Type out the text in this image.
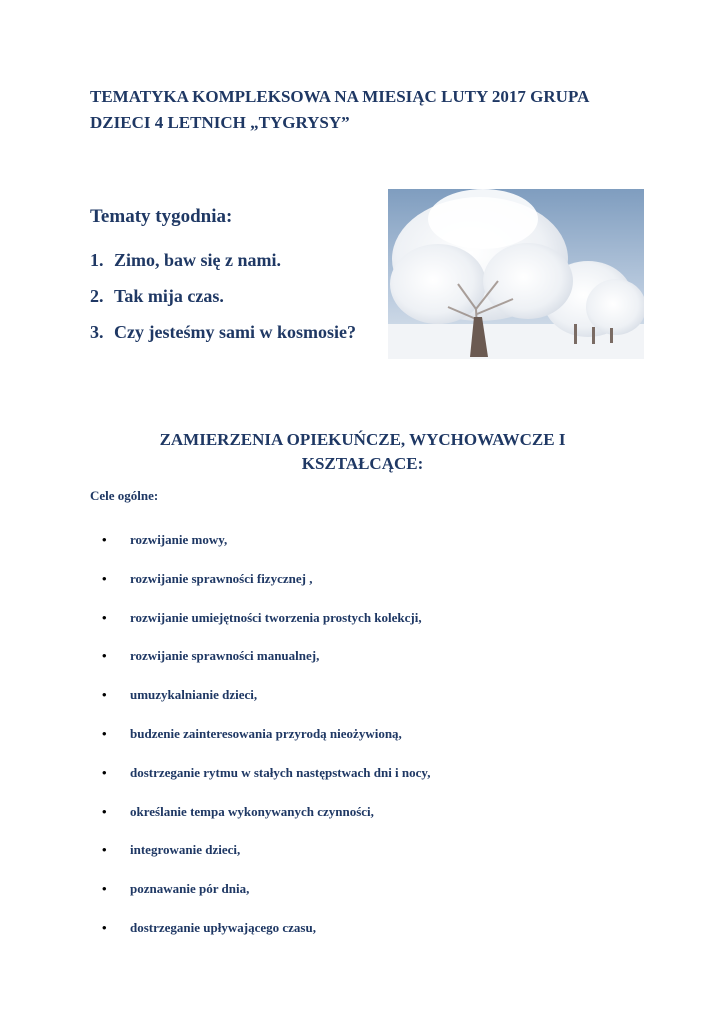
TEMATYKA KOMPLEKSOWA NA MIESIĄC LUTY 2017 GRUPA DZIECI 4 LETNICH „TYGRYSY”
Tematy tygodnia:
1. Zimo, baw się z nami.
2. Tak mija czas.
3. Czy jesteśmy sami w kosmosie?
ZAMIERZENIA OPIEKUŃCZE, WYCHOWAWCZE I KSZTAŁCĄCE:

Cele ogólne:

•	rozwijanie mowy,
•	rozwijanie sprawności fizycznej ,
•	rozwijanie umiejętności tworzenia prostych kolekcji,
•	rozwijanie sprawności manualnej,
•	umuzykalnianie dzieci,
•	budzenie zainteresowania przyrodą nieożywioną,
•	dostrzeganie rytmu w stałych następstwach dni i nocy,
•	określanie tempa wykonywanych czynności,
•	integrowanie dzieci,
•	poznawanie pór dnia,
•	dostrzeganie upływającego czasu,
